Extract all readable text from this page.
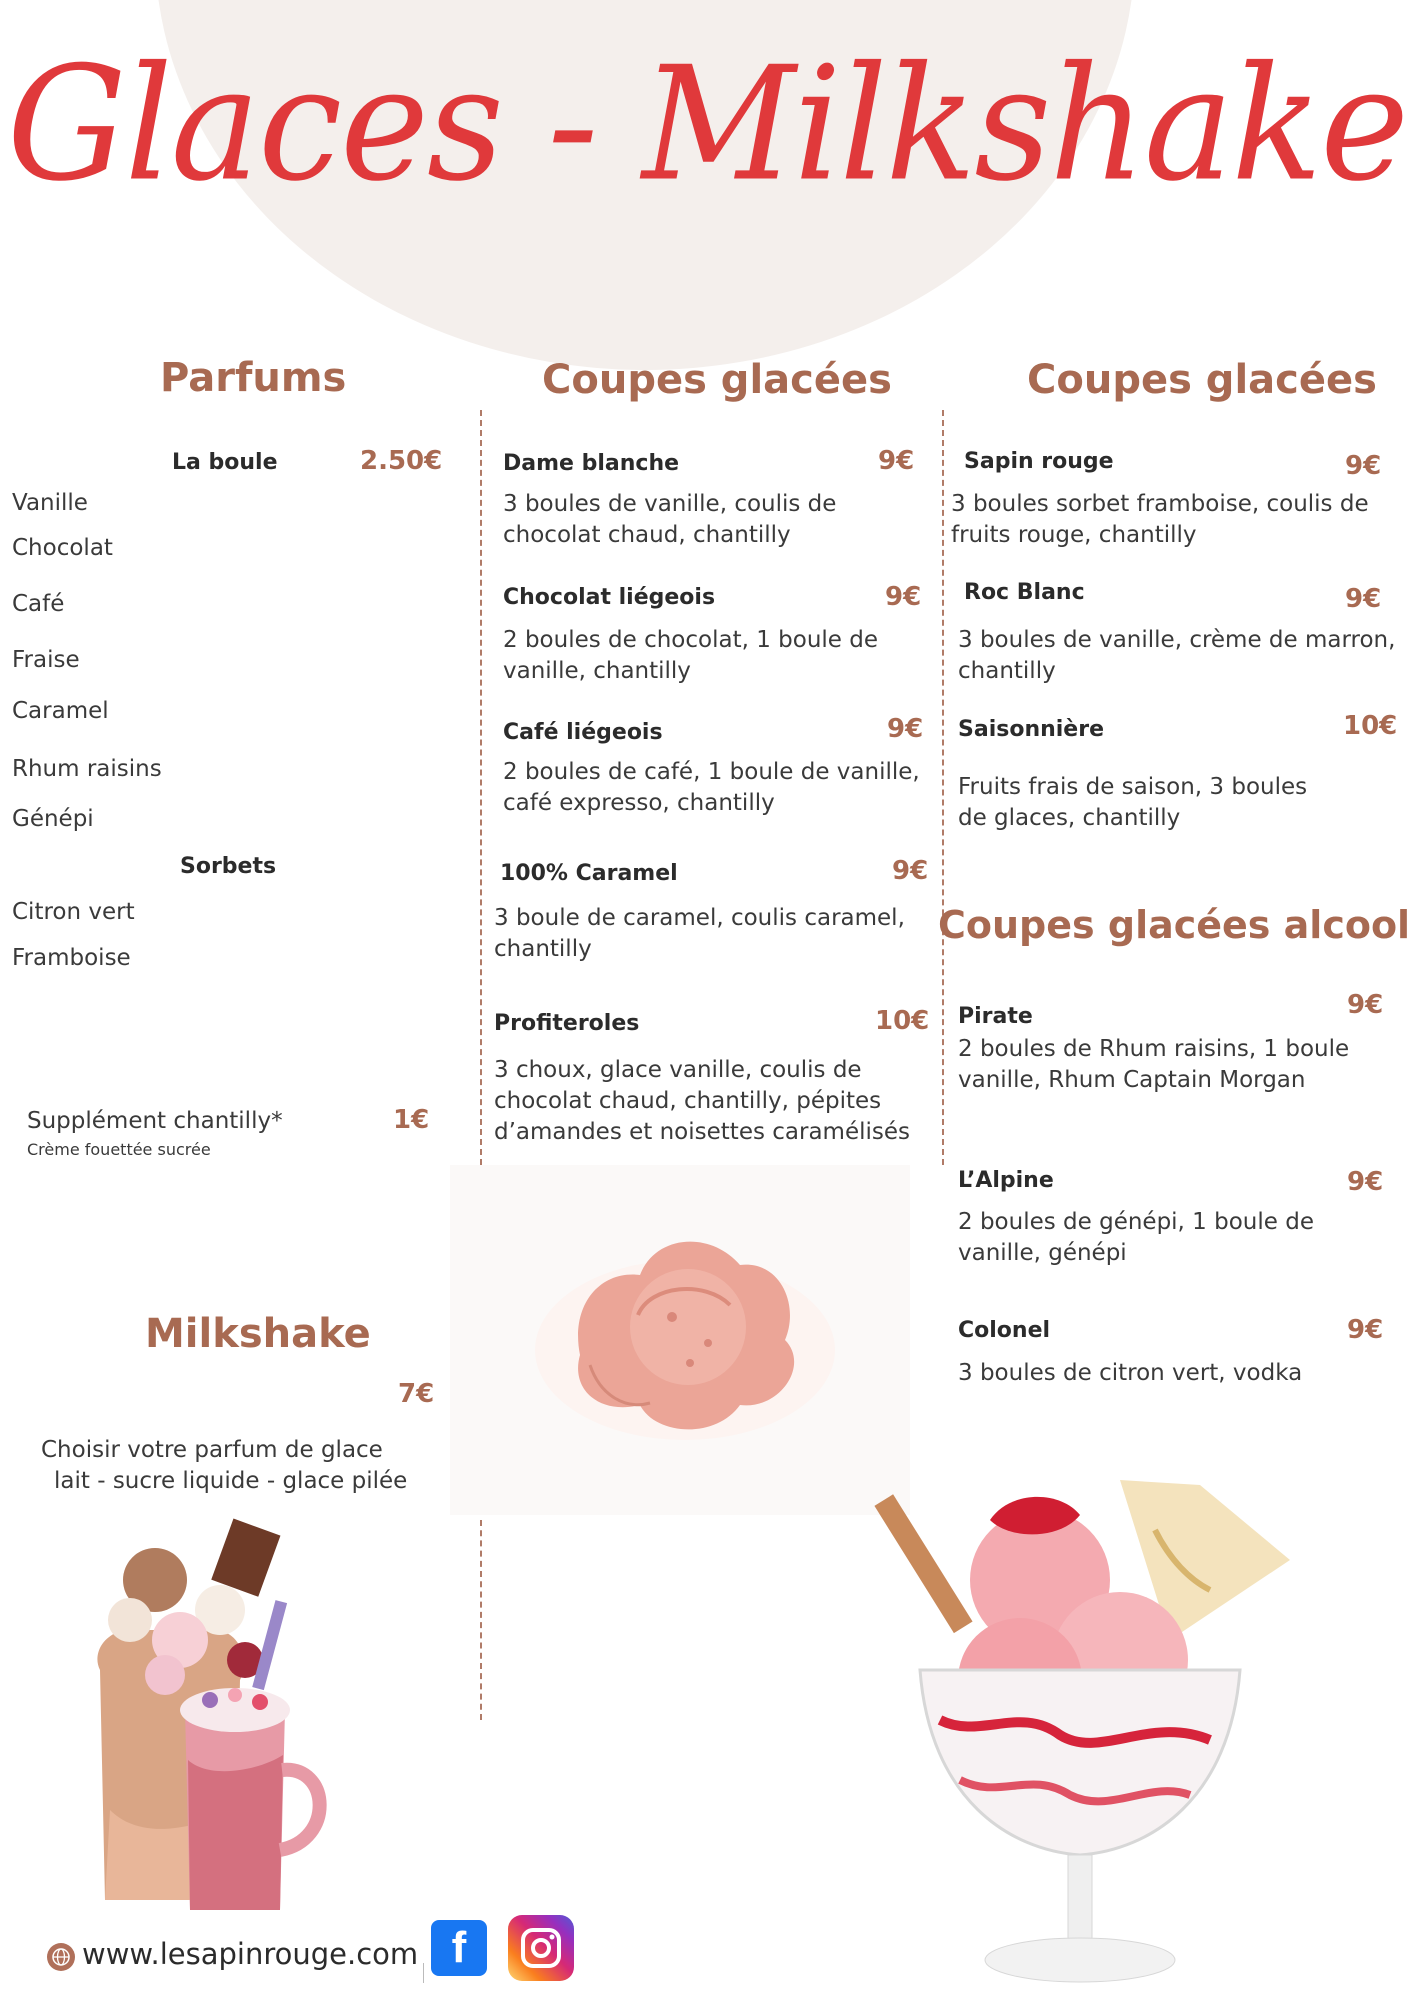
Glaces - Milkshake
Parfums
La boule	2.50€
Vanille
Chocolat
Café
Fraise
Caramel
Rhum raisins
Génépi
Sorbets
Citron vert
Framboise
Supplément chantilly*
Crème fouettée sucrée
1€
Coupes glacées
Dame blanche	9€
3 boules de vanille, coulis de chocolat chaud, chantilly
Chocolat liégeois	9€
2 boules de chocolat, 1 boule de vanille, chantilly
Café liégeois	9€
2 boules de café, 1 boule de vanille, café expresso, chantilly
100% Caramel	9€
3 boule de caramel, coulis caramel, chantilly
Profiteroles	10€
3 choux, glace vanille, coulis de chocolat chaud, chantilly, pépites d’amandes et noisettes caramélisés
Coupes glacées
Sapin rouge	9€
3 boules sorbet framboise, coulis de fruits rouge, chantilly
Roc Blanc	9€
3 boules de vanille, crème de marron, chantilly
Saisonnière	10€
Fruits frais de saison, 3 boules de glaces, chantilly
Coupes glacées alcool
Pirate	9€
2 boules de Rhum raisins, 1 boule vanille, Rhum Captain Morgan
L’Alpine	9€
2 boules de génépi, 1 boule de vanille, génépi
Colonel	9€
3 boules de citron vert, vodka
Milkshake
7€
Choisir votre parfum de glace
lait - sucre liquide - glace pilée
www.lesapinrouge.com f
